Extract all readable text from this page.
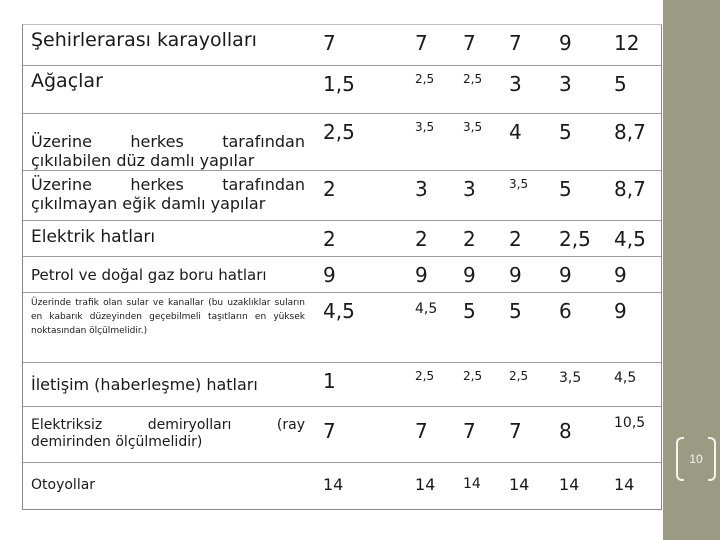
Şehirlerarası karayolları	7	7	7	7	9	12
Ağaçlar	1,5	2,5	2,5	3	3	5
Üzerine herkes tarafından çıkılabilen düz damlı yapılar	2,5	3,5	3,5	4	5	8,7
Üzerine herkes tarafından çıkılmayan eğik damlı yapılar	2	3	3	3,5	5	8,7
Elektrik hatları	2	2	2	2	2,5	4,5
Petrol ve doğal gaz boru hatları	9	9	9	9	9	9
Üzerinde trafik olan sular ve kanallar (bu uzaklıklar suların en kabarık düzeyinden geçebilmeli taşıtların en yüksek noktasından ölçülmelidir.)	4,5	4,5	5	5	6	9
İletişim (haberleşme) hatları	1	2,5	2,5	2,5	3,5	4,5
Elektriksiz demiryolları (ray demirinden ölçülmelidir)	7	7	7	7	8	10,5
Otoyollar	14	14	14	14	14	14
10
